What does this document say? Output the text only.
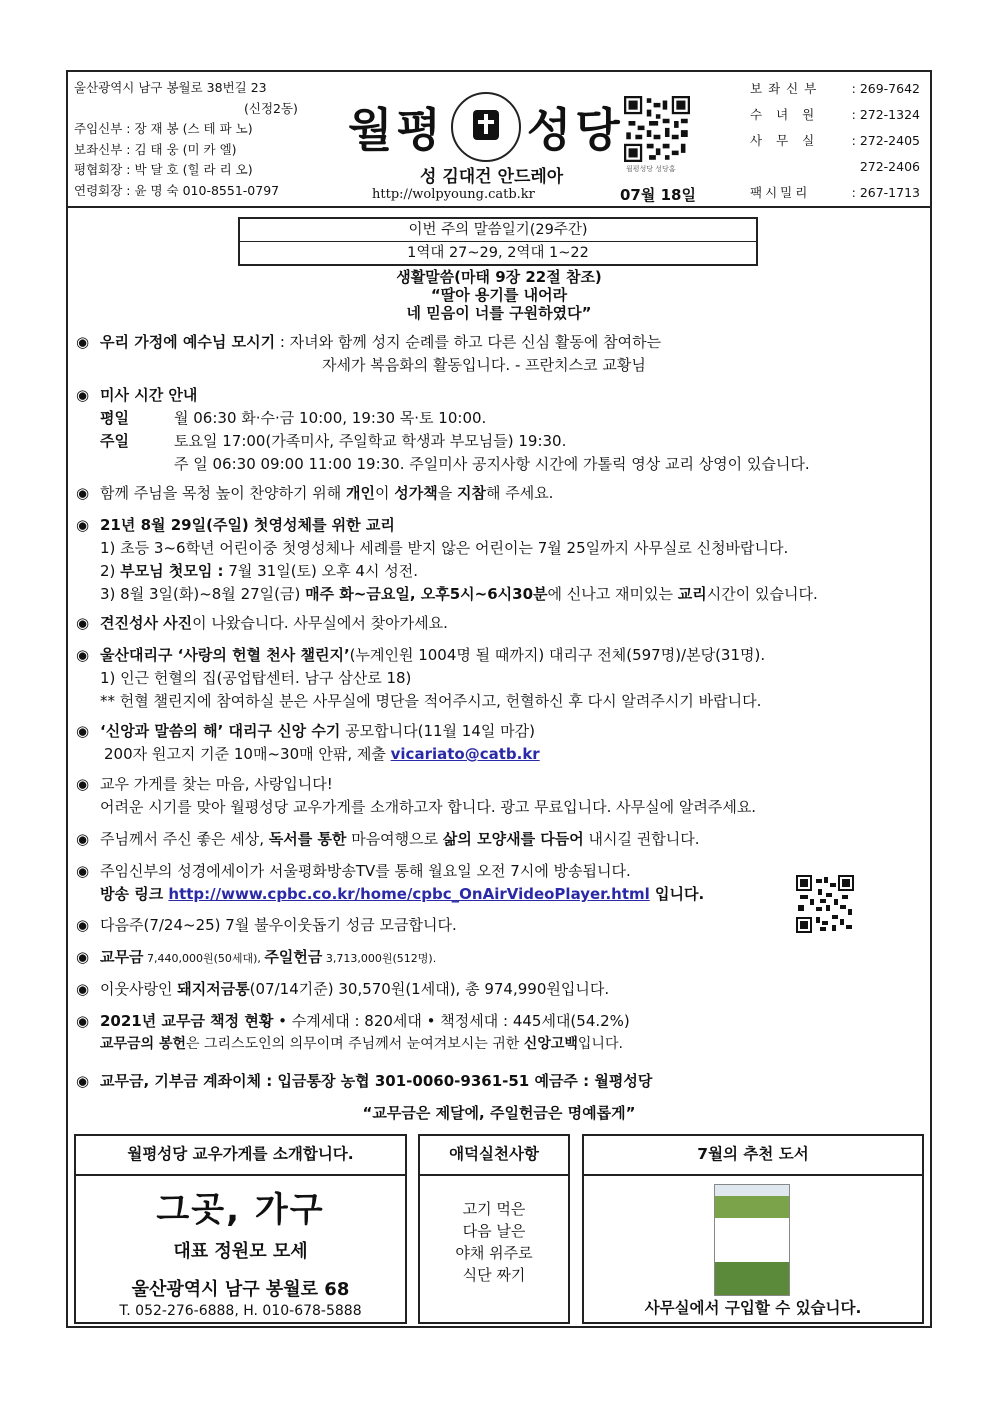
울산광역시 남구 봉월로 38번길 23
(신정2동)
주임신부 : 장 재 봉 (스 테 파 노)
보좌신부 : 김 태 웅 (미 카 엘)
평협회장 : 박 달 호 (힐 라 리 오)
연령회장 : 윤 명 숙 010-8551-0797
월평 성당
성 김대건 안드레아
http://wolpyoung.catb.kr
월평성당 성당홈
07월 18일
보좌신부 : 269-7642
수녀원 : 272-1324
사무실 : 272-2405
272-2406
팩시밀리	: 267-1713
이번 주의 말씀일기(29주간)
1역대 27~29, 2역대 1~22
생활말씀(마태 9장 22절 참조)
“딸아 용기를 내어라
네 믿음이 너를 구원하였다”
◉ 우리 가정에 예수님 모시기 : 자녀와 함께 성지 순례를 하고 다른 신심 활동에 참여하는
자세가 복음화의 활동입니다. - 프란치스코 교황님
◉ 미사 시간 안내
평일	월 06:30 화·수·금 10:00, 19:30 목·토 10:00.
주일	토요일 17:00(가족미사, 주일학교 학생과 부모님들) 19:30.
주 일 06:30 09:00 11:00 19:30. 주일미사 공지사항 시간에 가톨릭 영상 교리 상영이 있습니다.
◉ 함께 주님을 목청 높이 찬양하기 위해 개인이 성가책을 지참해 주세요.
◉ 21년 8월 29일(주일) 첫영성체를 위한 교리
1) 초등 3~6학년 어린이중 첫영성체나 세례를 받지 않은 어린이는 7월 25일까지 사무실로 신청바랍니다.
2) 부모님 첫모임 : 7월 31일(토) 오후 4시 성전.
3) 8월 3일(화)~8월 27일(금) 매주 화~금요일, 오후5시~6시30분에 신나고 재미있는 교리시간이 있습니다.
◉ 견진성사 사진이 나왔습니다. 사무실에서 찾아가세요.
◉ 울산대리구 ‘사랑의 헌혈 천사 챌린지’(누계인원 1004명 될 때까지) 대리구 전체(597명)/본당(31명).
1) 인근 헌혈의 집(공업탑센터. 남구 삼산로 18)
** 헌혈 챌린지에 참여하실 분은 사무실에 명단을 적어주시고, 헌혈하신 후 다시 알려주시기 바랍니다.
◉ ‘신앙과 말씀의 해’ 대리구 신앙 수기 공모합니다(11월 14일 마감)
200자 원고지 기준 10매~30매 안팎, 제출 vicariato@catb.kr
◉ 교우 가게를 찾는 마음, 사랑입니다!
어려운 시기를 맞아 월평성당 교우가게를 소개하고자 합니다. 광고 무료입니다. 사무실에 알려주세요.
◉ 주님께서 주신 좋은 세상, 독서를 통한 마음여행으로 삶의 모양새를 다듬어 내시길 권합니다.
◉ 주임신부의 성경에세이가 서울평화방송TV를 통해 월요일 오전 7시에 방송됩니다.
방송 링크 http://www.cpbc.co.kr/home/cpbc_OnAirVideoPlayer.html 입니다.
◉ 다음주(7/24~25) 7월 불우이웃돕기 성금 모금합니다.
◉ 교무금 7,440,000원(50세대), 주일헌금 3,713,000원(512명).
◉ 이웃사랑인 돼지저금통(07/14기준) 30,570원(1세대), 총 974,990원입니다.
◉ 2021년 교무금 책정 현황 • 수계세대 : 820세대 • 책정세대 : 445세대(54.2%)
교무금의 봉헌은 그리스도인의 의무이며 주님께서 눈여겨보시는 귀한 신앙고백입니다.
◉ 교무금, 기부금 계좌이체 : 입금통장 농협 301-0060-9361-51 예금주 : 월평성당
“교무금은 제달에, 주일헌금은 명예롭게”
월평성당 교우가게를 소개합니다.
그곳, 가구
대표 정원모 모세
울산광역시 남구 봉월로 68
T. 052-276-6888, H. 010-678-5888
애덕실천사항
고기 먹은
다음 날은
야채 위주로
식단 짜기
7월의 추천 도서
사무실에서 구입할 수 있습니다.
